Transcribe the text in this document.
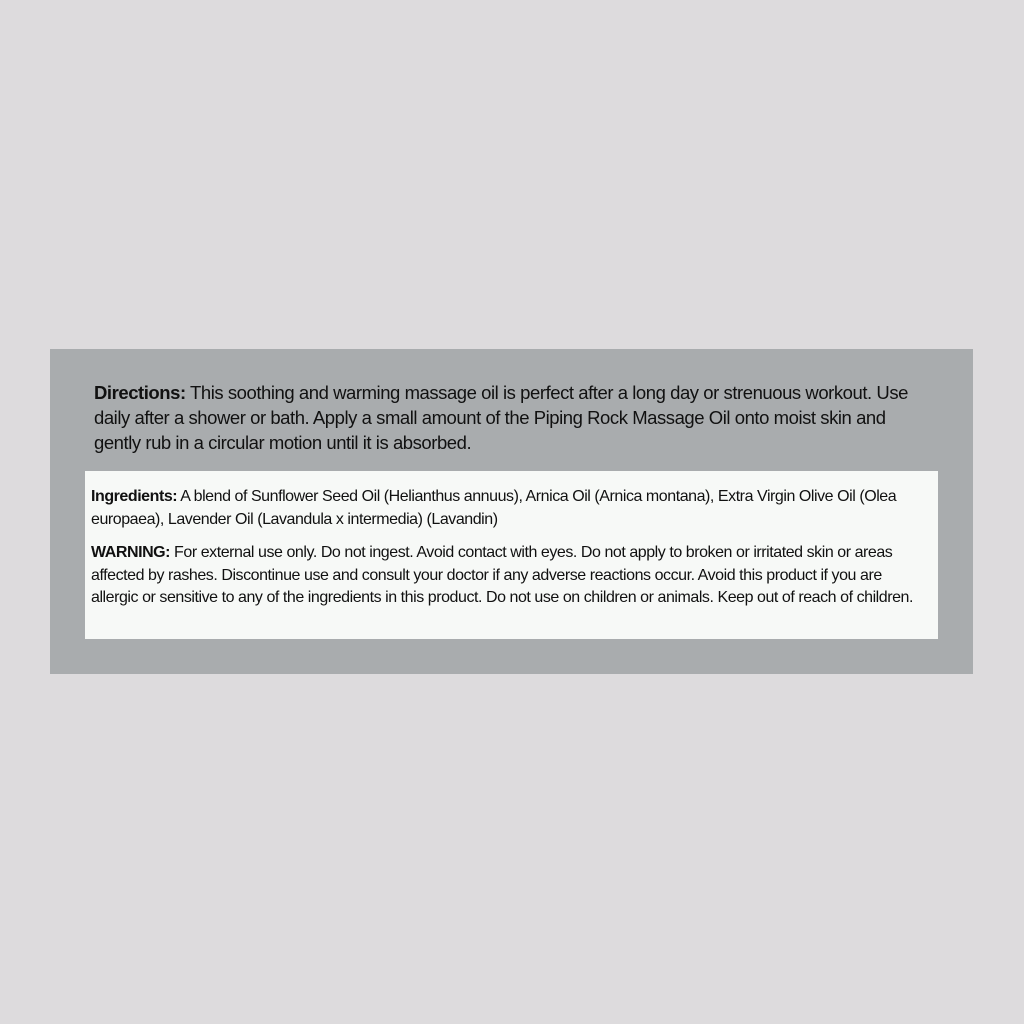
Directions: This soothing and warming massage oil is perfect after a long day or strenuous workout. Use daily after a shower or bath. Apply a small amount of the Piping Rock Massage Oil onto moist skin and gently rub in a circular motion until it is absorbed.

Ingredients: A blend of Sunflower Seed Oil (Helianthus annuus), Arnica Oil (Arnica montana), Extra Virgin Olive Oil (Olea europaea), Lavender Oil (Lavandula x intermedia) (Lavandin)

WARNING: For external use only. Do not ingest. Avoid contact with eyes. Do not apply to broken or irritated skin or areas affected by rashes. Discontinue use and consult your doctor if any adverse reactions occur. Avoid this product if you are allergic or sensitive to any of the ingredients in this product. Do not use on children or animals. Keep out of reach of children.
